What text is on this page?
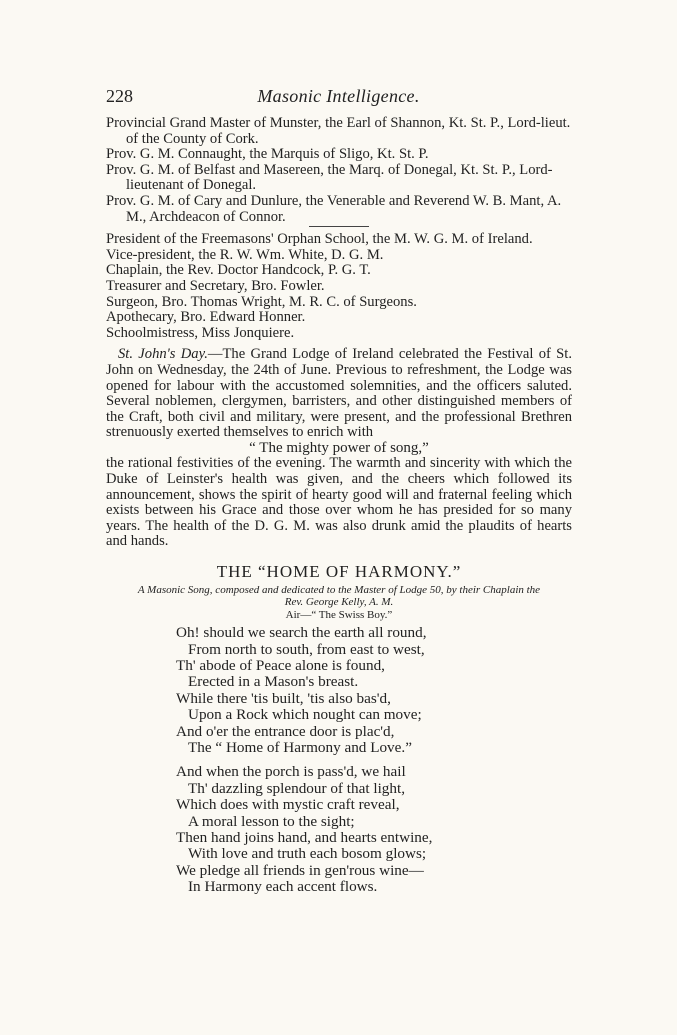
228	Masonic Intelligence.

Provincial Grand Master of Munster, the Earl of Shannon, Kt. St. P., Lord-lieut. of the County of Cork.

Prov. G. M. Connaught, the Marquis of Sligo, Kt. St. P.

Prov. G. M. of Belfast and Masereen, the Marq. of Donegal, Kt. St. P., Lord-lieutenant of Donegal.

Prov. G. M. of Cary and Dunlure, the Venerable and Reverend W. B. Mant, A. M., Archdeacon of Connor.

President of the Freemasons' Orphan School, the M. W. G. M. of Ireland.

Vice-president, the R. W. Wm. White, D. G. M.

Chaplain, the Rev. Doctor Handcock, P. G. T.

Treasurer and Secretary, Bro. Fowler.

Surgeon, Bro. Thomas Wright, M. R. C. of Surgeons.

Apothecary, Bro. Edward Honner.

Schoolmistress, Miss Jonquiere.

St. John's Day.—The Grand Lodge of Ireland celebrated the Festival of St. John on Wednesday, the 24th of June. Previous to refreshment, the Lodge was opened for labour with the accustomed solemnities, and the officers saluted. Several noblemen, clergymen, barristers, and other distinguished members of the Craft, both civil and military, were present, and the professional Brethren strenuously exerted themselves to enrich with

“ The mighty power of song,”

the rational festivities of the evening. The warmth and sincerity with which the Duke of Leinster's health was given, and the cheers which followed its announcement, shows the spirit of hearty good will and fraternal feeling which exists between his Grace and those over whom he has presided for so many years. The health of the D. G. M. was also drunk amid the plaudits of hearts and hands.

THE “HOME OF HARMONY.”

A Masonic Song, composed and dedicated to the Master of Lodge 50, by their Chaplain the

Rev. George Kelly, A. M.

Air—“ The Swiss Boy.”

Oh! should we search the earth all round,

From north to south, from east to west,

Th' abode of Peace alone is found,

Erected in a Mason's breast.

While there 'tis built, 'tis also bas'd,

Upon a Rock which nought can move;

And o'er the entrance door is plac'd,

The “ Home of Harmony and Love.”

And when the porch is pass'd, we hail

Th' dazzling splendour of that light,

Which does with mystic craft reveal,

A moral lesson to the sight;

Then hand joins hand, and hearts entwine,

With love and truth each bosom glows;

We pledge all friends in gen'rous wine—

In Harmony each accent flows.
